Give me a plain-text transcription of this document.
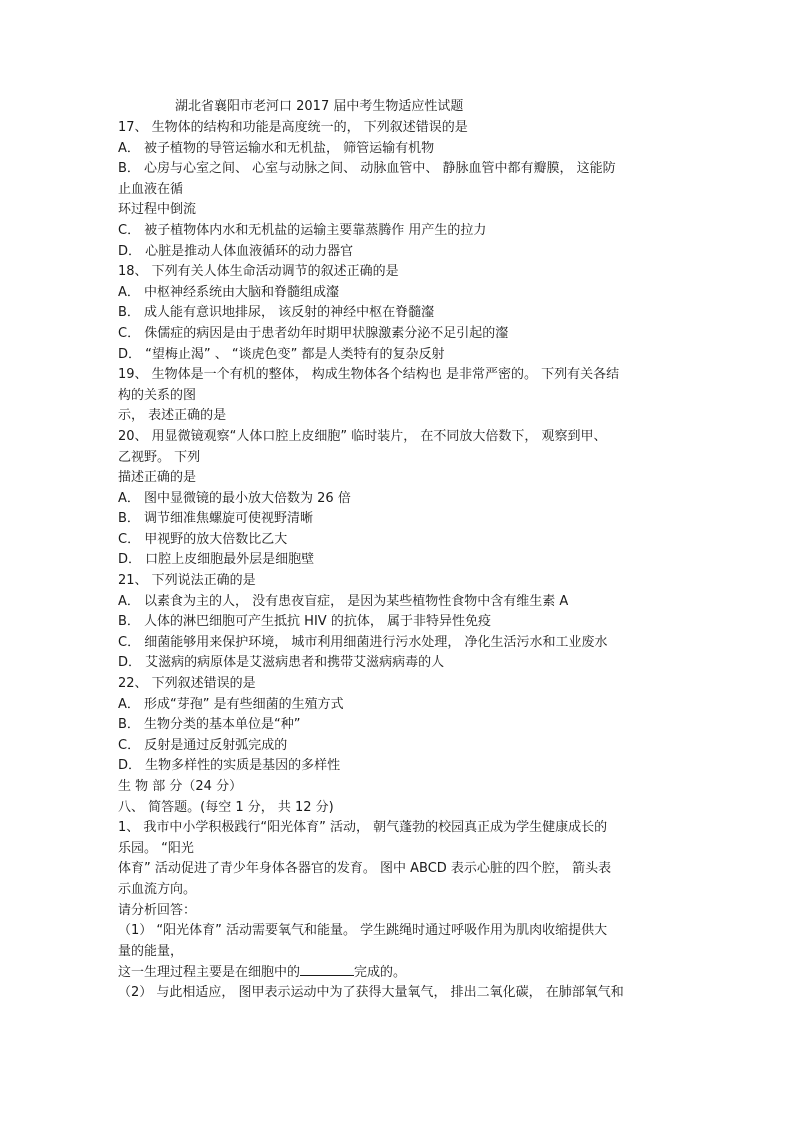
湖北省襄阳市老河口 2017 届中考生物适应性试题
17、 生物体的结构和功能是高度统一的， 下列叙述错误的是
A． 被子植物的导管运输水和无机盐， 筛管运输有机物
B． 心房与心室之间、 心室与动脉之间、 动脉血管中、 静脉血管中都有瓣膜， 这能防
止血液在循
环过程中倒流
C． 被子植物体内水和无机盐的运输主要靠蒸腾作 用产生的拉力
D． 心脏是推动人体血液循环的动力器官
18、 下列有关人体生命活动调节的叙述正确的是
A． 中枢神经系统由大脑和脊髓组成瀣
B． 成人能有意识地排尿， 该反射的神经中枢在脊髓瀣
C． 侏儒症的病因是由于患者幼年时期甲状腺激素分泌不足引起的瀣
D． “望梅止渴” 、 “谈虎色变” 都是人类特有的复杂反射
19、 生物体是一个有机的整体， 构成生物体各个结构也 是非常严密的。 下列有关各结
构的关系的图
示， 表述正确的是
20、 用显微镜观察“人体口腔上皮细胞” 临时装片， 在不同放大倍数下， 观察到甲、
乙视野。 下列
描述正确的是
A． 图中显微镜的最小放大倍数为 26 倍
B． 调节细准焦螺旋可使视野清晰
C． 甲视野的放大倍数比乙大
D． 口腔上皮细胞最外层是细胞壁
21、 下列说法正确的是
A． 以素食为主的人， 没有患夜盲症， 是因为某些植物性食物中含有维生素 A
B． 人体的淋巴细胞可产生抵抗 HIV 的抗体， 属于非特异性免疫
C． 细菌能够用来保护环境， 城市利用细菌进行污水处理， 净化生活污水和工业废水
D． 艾滋病的病原体是艾滋病患者和携带艾滋病病毒的人
22、 下列叙述错误的是
A． 形成“芽孢” 是有些细菌的生殖方式
B． 生物分类的基本单位是“种”
C． 反射是通过反射弧完成的
D． 生物多样性的实质是基因的多样性
生 物 部 分（24 分）
八、 简答题。(每空 1 分， 共 12 分)
1、 我市中小学积极践行“阳光体育” 活动， 朝气蓬勃的校园真正成为学生健康成长的
乐园。 “阳光
体育” 活动促进了青少年身体各器官的发育。 图中 ABCD 表示心脏的四个腔， 箭头表
示血流方向。
请分析回答：
（1） “阳光体育” 活动需要氧气和能量。 学生跳绳时通过呼吸作用为肌肉收缩提供大
量的能量，
这一生理过程主要是在细胞中的	完成的。
（2） 与此相适应， 图甲表示运动中为了获得大量氧气， 排出二氧化碳， 在肺部氧气和
